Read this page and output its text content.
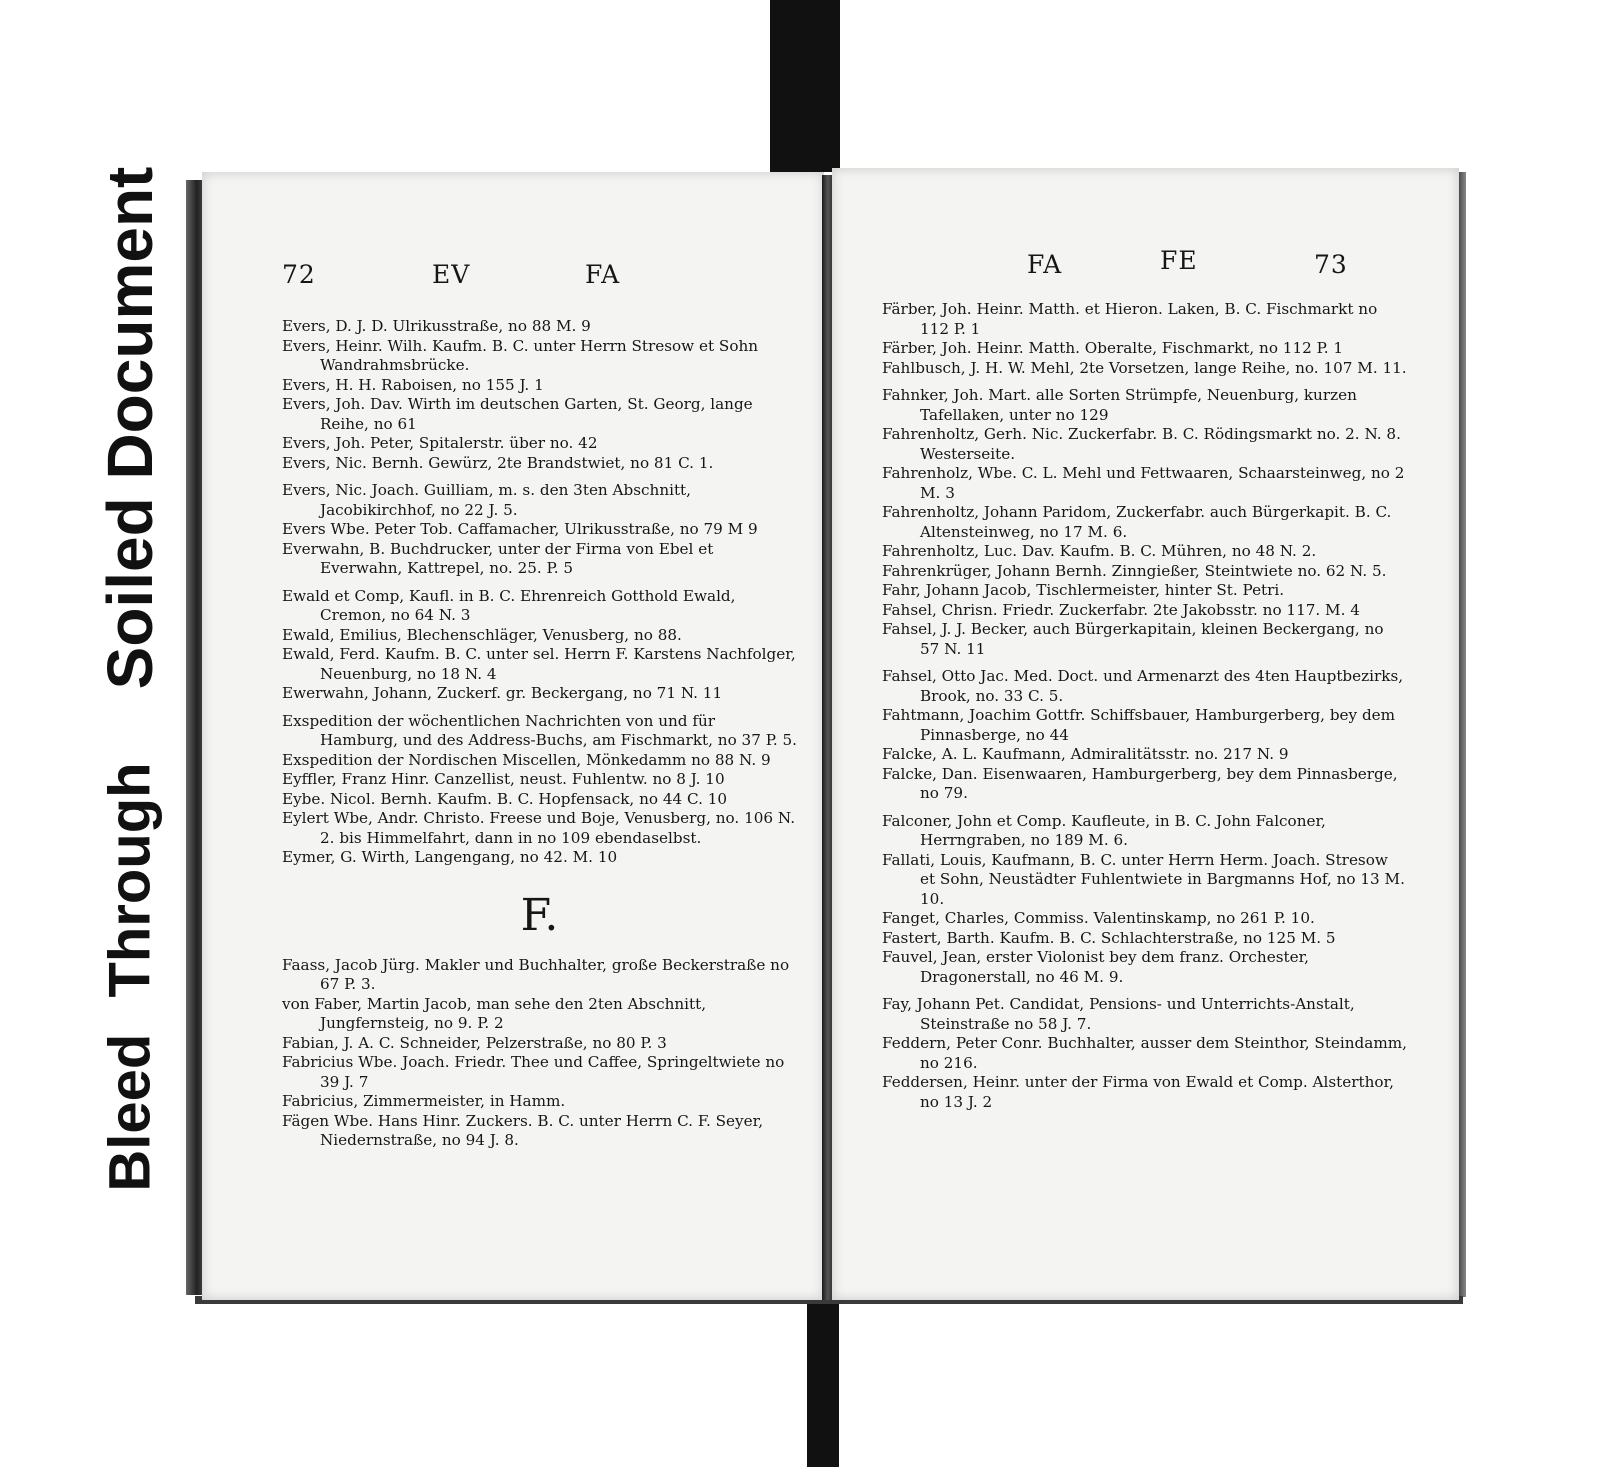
Soiled Document
Bleed Through
72	EV	FA

Evers, D. J. D. Ulrikusstraße, no 88 M. 9

Evers, Heinr. Wilh. Kaufm. B. C. unter Herrn Stresow et Sohn Wandrahmsbrücke.

Evers, H. H. Raboisen, no 155 J. 1

Evers, Joh. Dav. Wirth im deutschen Garten, St. Georg, lange Reihe, no 61

Evers, Joh. Peter, Spitalerstr. über no. 42

Evers, Nic. Bernh. Gewürz, 2te Brandstwiet, no 81 C. 1.

Evers, Nic. Joach. Guilliam, m. s. den 3ten Abschnitt, Jacobikirchhof, no 22 J. 5.

Evers Wbe. Peter Tob. Caffamacher, Ulrikusstraße, no 79 M 9

Everwahn, B. Buchdrucker, unter der Firma von Ebel et Everwahn, Kattrepel, no. 25. P. 5

Ewald et Comp, Kaufl. in B. C. Ehrenreich Gotthold Ewald, Cremon, no 64 N. 3

Ewald, Emilius, Blechenschläger, Venusberg, no 88.

Ewald, Ferd. Kaufm. B. C. unter sel. Herrn F. Karstens Nachfolger, Neuenburg, no 18 N. 4

Ewerwahn, Johann, Zuckerf. gr. Beckergang, no 71 N. 11

Exspedition der wöchentlichen Nachrichten von und für Hamburg, und des Address-Buchs, am Fischmarkt, no 37 P. 5.

Exspedition der Nordischen Miscellen, Mönkedamm no 88 N. 9

Eyffler, Franz Hinr. Canzellist, neust. Fuhlentw. no 8 J. 10

Eybe. Nicol. Bernh. Kaufm. B. C. Hopfensack, no 44 C. 10

Eylert Wbe, Andr. Christo. Freese und Boje, Venusberg, no. 106 N. 2. bis Himmelfahrt, dann in no 109 ebendaselbst.

Eymer, G. Wirth, Langengang, no 42. M. 10

F.

Faass, Jacob Jürg. Makler und Buchhalter, große Beckerstraße no 67 P. 3.

von Faber, Martin Jacob, man sehe den 2ten Abschnitt, Jungfernsteig, no 9. P. 2

Fabian, J. A. C. Schneider, Pelzerstraße, no 80 P. 3

Fabricius Wbe. Joach. Friedr. Thee und Caffee, Springeltwiete no 39 J. 7

Fabricius, Zimmermeister, in Hamm.

Fägen Wbe. Hans Hinr. Zuckers. B. C. unter Herrn C. F. Seyer, Niedernstraße, no 94 J. 8.

FA	FE	73

Färber, Joh. Heinr. Matth. et Hieron. Laken, B. C. Fischmarkt no 112 P. 1

Färber, Joh. Heinr. Matth. Oberalte, Fischmarkt, no 112 P. 1

Fahlbusch, J. H. W. Mehl, 2te Vorsetzen, lange Reihe, no. 107 M. 11.

Fahnker, Joh. Mart. alle Sorten Strümpfe, Neuenburg, kurzen Tafellaken, unter no 129

Fahrenholtz, Gerh. Nic. Zuckerfabr. B. C. Rödingsmarkt no. 2. N. 8. Westerseite.

Fahrenholz, Wbe. C. L. Mehl und Fettwaaren, Schaarsteinweg, no 2 M. 3

Fahrenholtz, Johann Paridom, Zuckerfabr. auch Bürgerkapit. B. C. Altensteinweg, no 17 M. 6.

Fahrenholtz, Luc. Dav. Kaufm. B. C. Mühren, no 48 N. 2.

Fahrenkrüger, Johann Bernh. Zinngießer, Steintwiete no. 62 N. 5.

Fahr, Johann Jacob, Tischlermeister, hinter St. Petri.

Fahsel, Chrisn. Friedr. Zuckerfabr. 2te Jakobsstr. no 117. M. 4

Fahsel, J. J. Becker, auch Bürgerkapitain, kleinen Beckergang, no 57 N. 11

Fahsel, Otto Jac. Med. Doct. und Armenarzt des 4ten Hauptbezirks, Brook, no. 33 C. 5.

Fahtmann, Joachim Gottfr. Schiffsbauer, Hamburgerberg, bey dem Pinnasberge, no 44

Falcke, A. L. Kaufmann, Admiralitätsstr. no. 217 N. 9

Falcke, Dan. Eisenwaaren, Hamburgerberg, bey dem Pinnasberge, no 79.

Falconer, John et Comp. Kaufleute, in B. C. John Falconer, Herrngraben, no 189 M. 6.

Fallati, Louis, Kaufmann, B. C. unter Herrn Herm. Joach. Stresow et Sohn, Neustädter Fuhlentwiete in Bargmanns Hof, no 13 M. 10.

Fanget, Charles, Commiss. Valentinskamp, no 261 P. 10.

Fastert, Barth. Kaufm. B. C. Schlachterstraße, no 125 M. 5

Fauvel, Jean, erster Violonist bey dem franz. Orchester, Dragonerstall, no 46 M. 9.

Fay, Johann Pet. Candidat, Pensions- und Unterrichts-Anstalt, Steinstraße no 58 J. 7.

Feddern, Peter Conr. Buchhalter, ausser dem Steinthor, Steindamm, no 216.

Feddersen, Heinr. unter der Firma von Ewald et Comp. Alsterthor, no 13 J. 2
